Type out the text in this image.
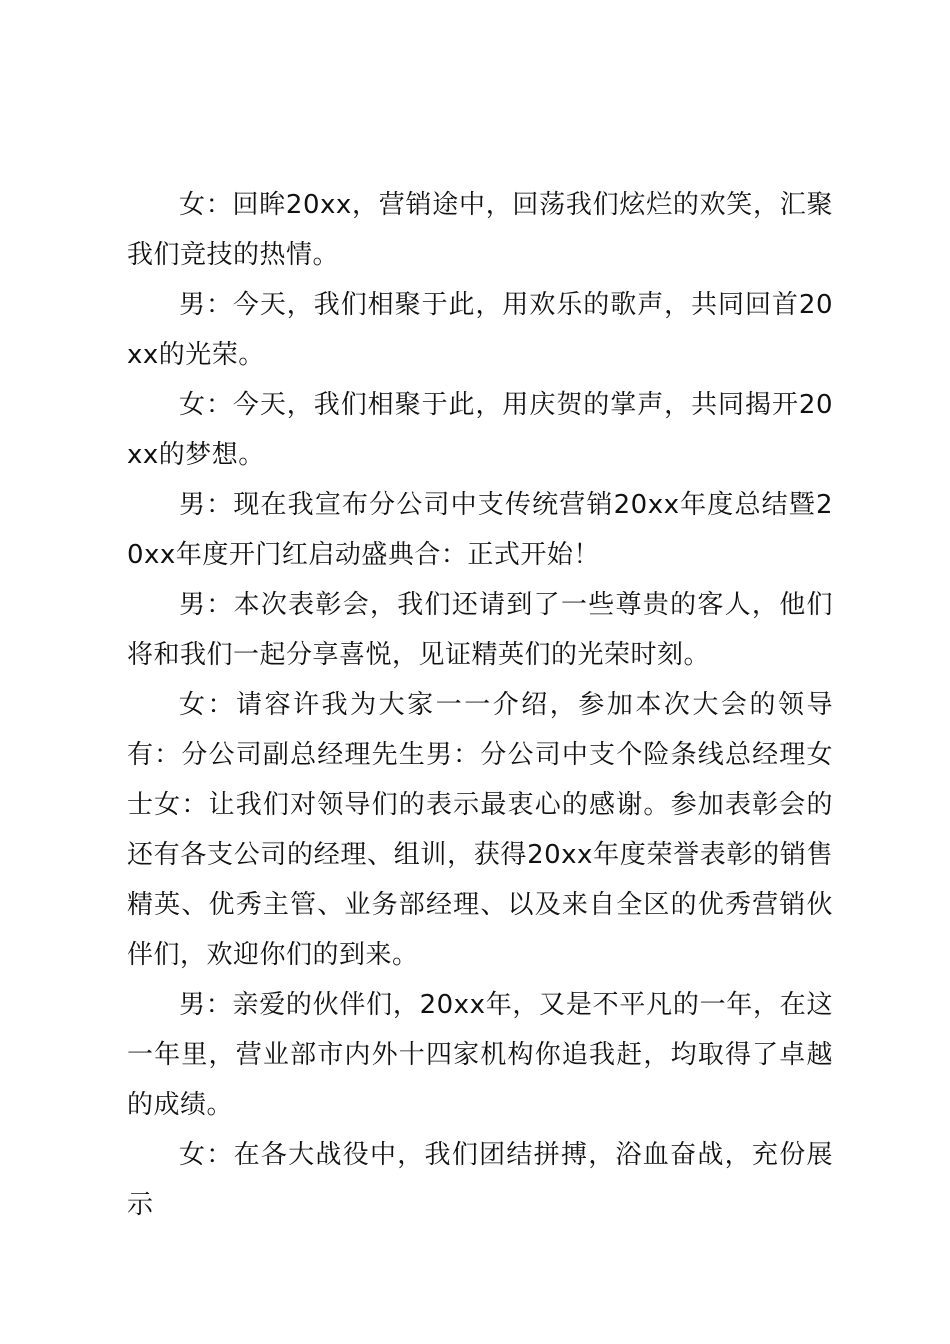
女：回眸20xx，营销途中，回荡我们炫烂的欢笑，汇聚我们竞技的热情。

男：今天，我们相聚于此，用欢乐的歌声，共同回首20xx的光荣。

女：今天，我们相聚于此，用庆贺的掌声，共同揭开20xx的梦想。

男：现在我宣布分公司中支传统营销20xx年度总结暨20xx年度开门红启动盛典合：正式开始！

男：本次表彰会，我们还请到了一些尊贵的客人，他们将和我们一起分享喜悦，见证精英们的光荣时刻。

女：请容许我为大家一一介绍，参加本次大会的领导有：分公司副总经理先生男：分公司中支个险条线总经理女士女：让我们对领导们的表示最衷心的感谢。参加表彰会的还有各支公司的经理、组训，获得20xx年度荣誉表彰的销售精英、优秀主管、业务部经理、以及来自全区的优秀营销伙伴们，欢迎你们的到来。

男：亲爱的伙伴们，20xx年，又是不平凡的一年，在这一年里，营业部市内外十四家机构你追我赶，均取得了卓越的成绩。

女：在各大战役中，我们团结拼搏，浴血奋战，充份展示
